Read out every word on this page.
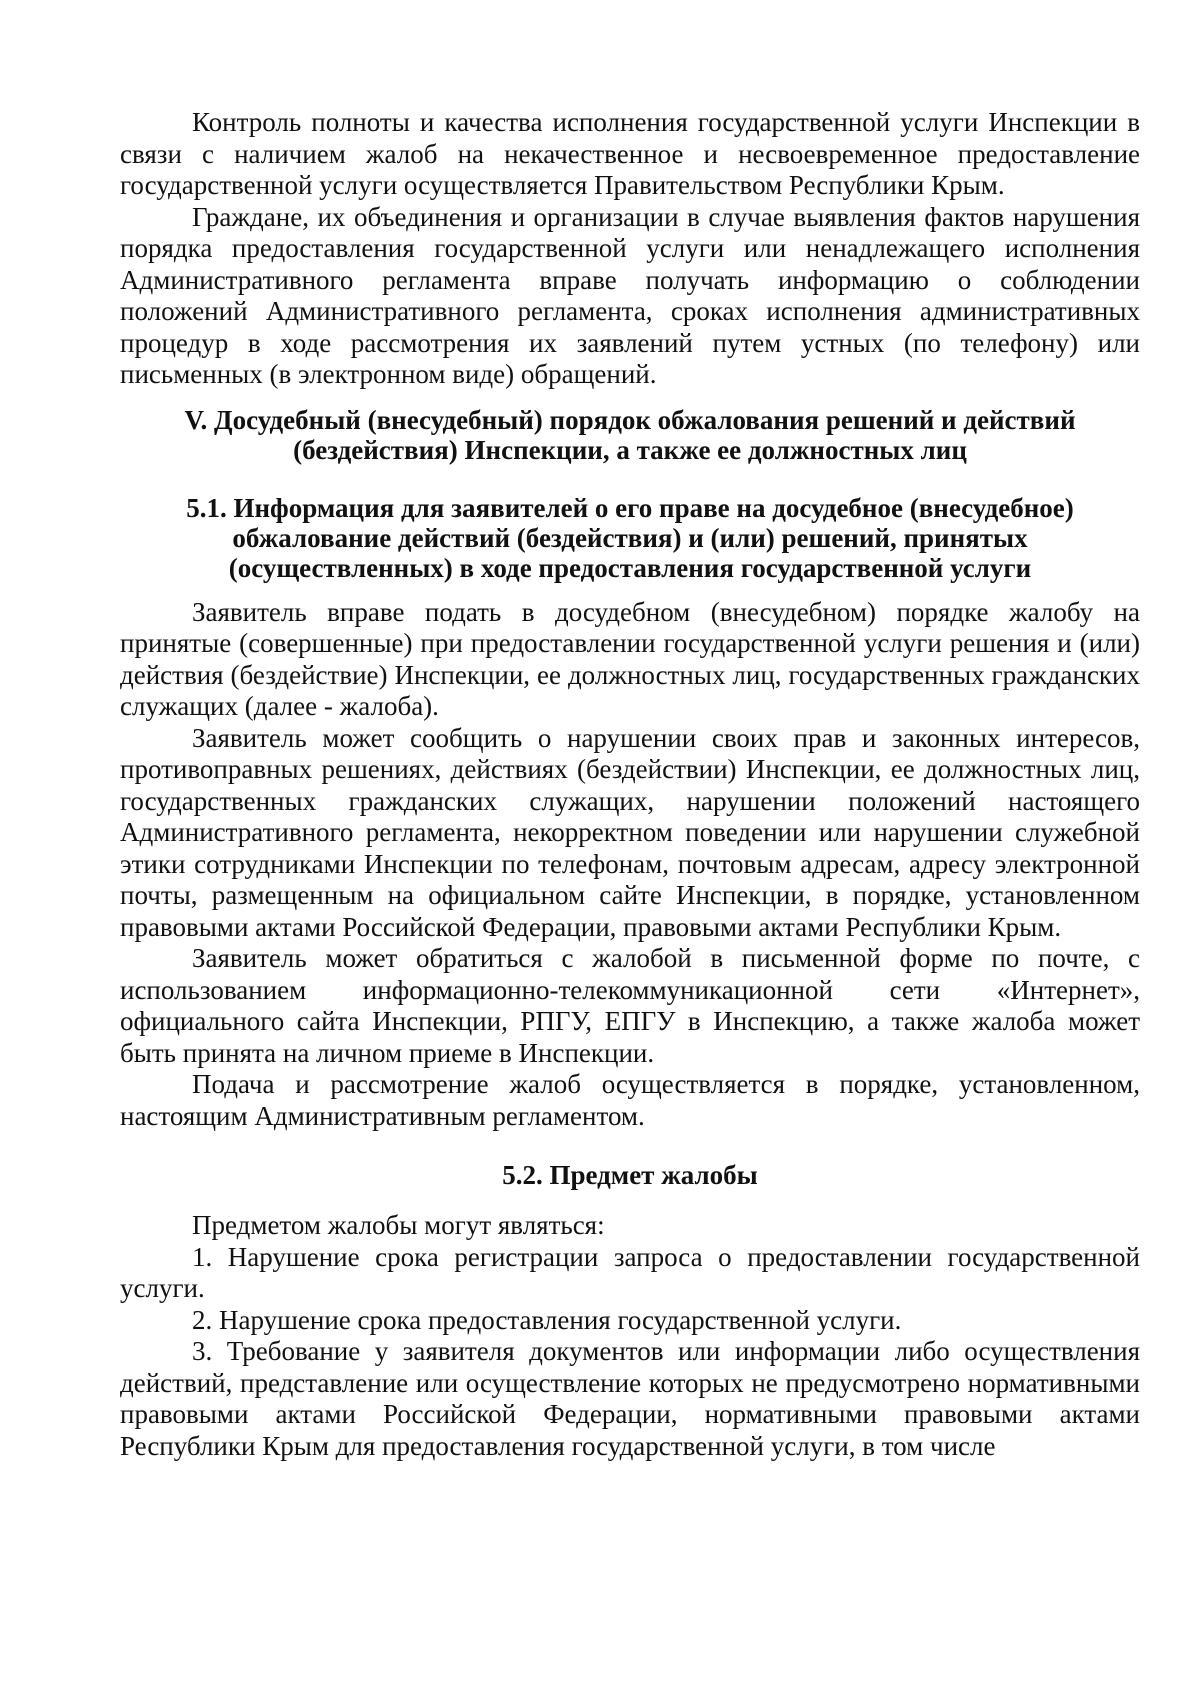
Контроль полноты и качества исполнения государственной услуги Инспекции в связи с наличием жалоб на некачественное и несвоевременное предоставление государственной услуги осуществляется Правительством Республики Крым.

Граждане, их объединения и организации в случае выявления фактов нарушения порядка предоставления государственной услуги или ненадлежащего исполнения Административного регламента вправе получать информацию о соблюдении положений Административного регламента, сроках исполнения административных процедур в ходе рассмотрения их заявлений путем устных (по телефону) или письменных (в электронном виде) обращений.

V. Досудебный (внесудебный) порядок обжалования решений и действий
(бездействия) Инспекции, а также ее должностных лиц
5.1. Информация для заявителей о его праве на досудебное (внесудебное)
обжалование действий (бездействия) и (или) решений, принятых
(осуществленных) в ходе предоставления государственной услуги

Заявитель вправе подать в досудебном (внесудебном) порядке жалобу на принятые (совершенные) при предоставлении государственной услуги решения и (или) действия (бездействие) Инспекции, ее должностных лиц, государственных гражданских служащих (далее - жалоба).

Заявитель может сообщить о нарушении своих прав и законных интересов, противоправных решениях, действиях (бездействии) Инспекции, ее должностных лиц, государственных гражданских служащих, нарушении положений настоящего Административного регламента, некорректном поведении или нарушении служебной этики сотрудниками Инспекции по телефонам, почтовым адресам, адресу электронной почты, размещенным на официальном сайте Инспекции, в порядке, установленном правовыми актами Российской Федерации, правовыми актами Республики Крым.

Заявитель может обратиться с жалобой в письменной форме по почте, с использованием информационно-телекоммуникационной сети «Интернет», официального сайта Инспекции, РПГУ, ЕПГУ в Инспекцию, а также жалоба может быть принята на личном приеме в Инспекции.

Подача и рассмотрение жалоб осуществляется в порядке, установленном, настоящим Административным регламентом.

5.2. Предмет жалобы

Предметом жалобы могут являться:

1. Нарушение срока регистрации запроса о предоставлении государственной услуги.

2. Нарушение срока предоставления государственной услуги.

3. Требование у заявителя документов или информации либо осуществления действий, представление или осуществление которых не предусмотрено нормативными правовыми актами Российской Федерации, нормативными правовыми актами Республики Крым для предоставления государственной услуги, в том числе
